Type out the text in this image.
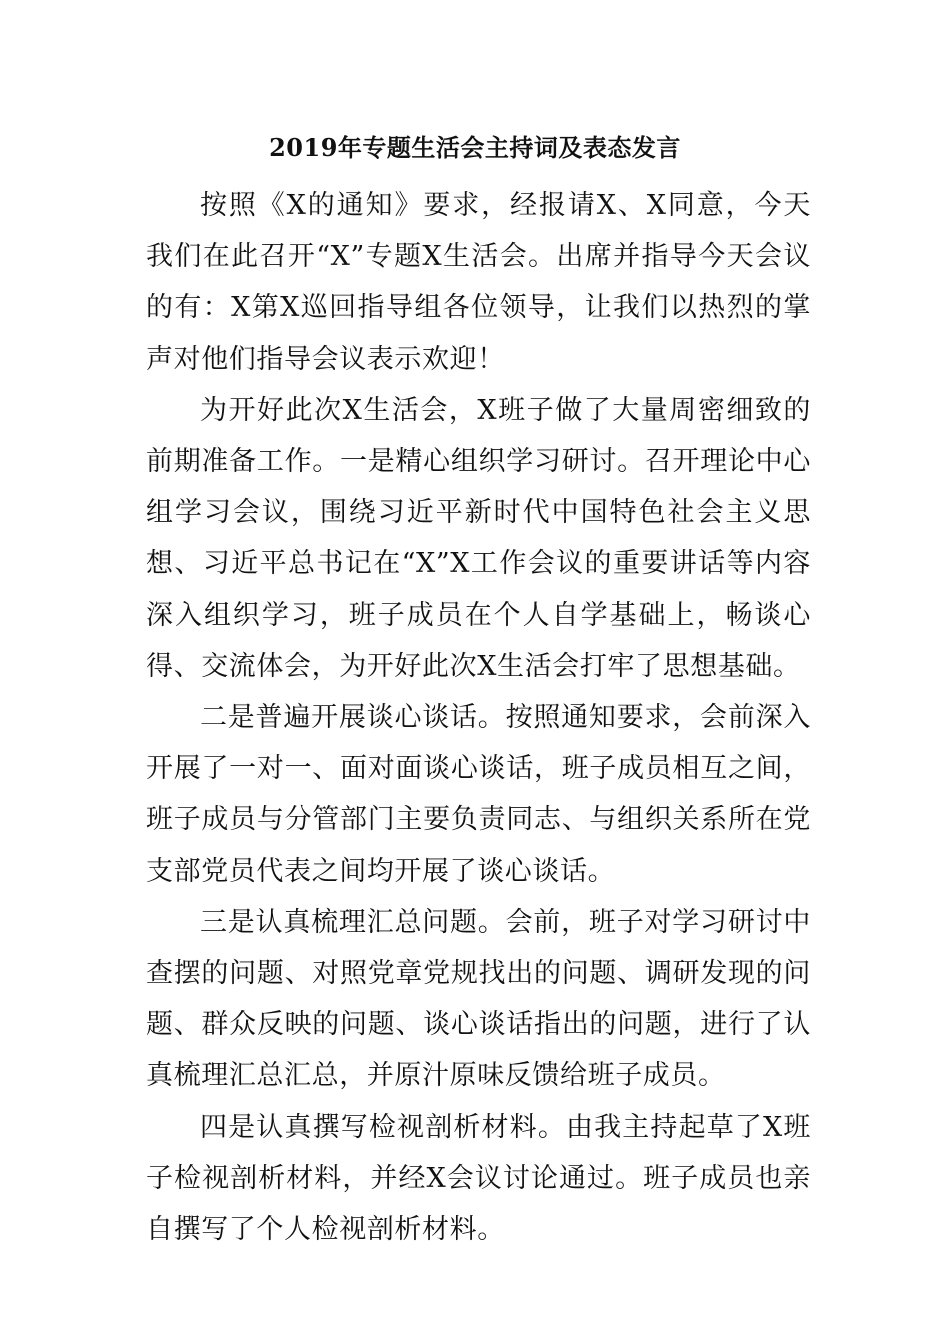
2019年专题生活会主持词及表态发言

按照《X的通知》要求，经报请X、X同意，今天我们在此召开“X”专题X生活会。出席并指导今天会议的有：X第X巡回指导组各位领导，让我们以热烈的掌声对他们指导会议表示欢迎！

为开好此次X生活会，X班子做了大量周密细致的前期准备工作。一是精心组织学习研讨。召开理论中心组学习会议，围绕习近平新时代中国特色社会主义思想、习近平总书记在“X”X工作会议的重要讲话等内容深入组织学习，班子成员在个人自学基础上，畅谈心得、交流体会，为开好此次X生活会打牢了思想基础。

二是普遍开展谈心谈话。按照通知要求，会前深入开展了一对一、面对面谈心谈话，班子成员相互之间，班子成员与分管部门主要负责同志、与组织关系所在党支部党员代表之间均开展了谈心谈话。

三是认真梳理汇总问题。会前，班子对学习研讨中查摆的问题、对照党章党规找出的问题、调研发现的问题、群众反映的问题、谈心谈话指出的问题，进行了认真梳理汇总汇总，并原汁原味反馈给班子成员。

四是认真撰写检视剖析材料。由我主持起草了X班子检视剖析材料，并经X会议讨论通过。班子成员也亲自撰写了个人检视剖析材料。
